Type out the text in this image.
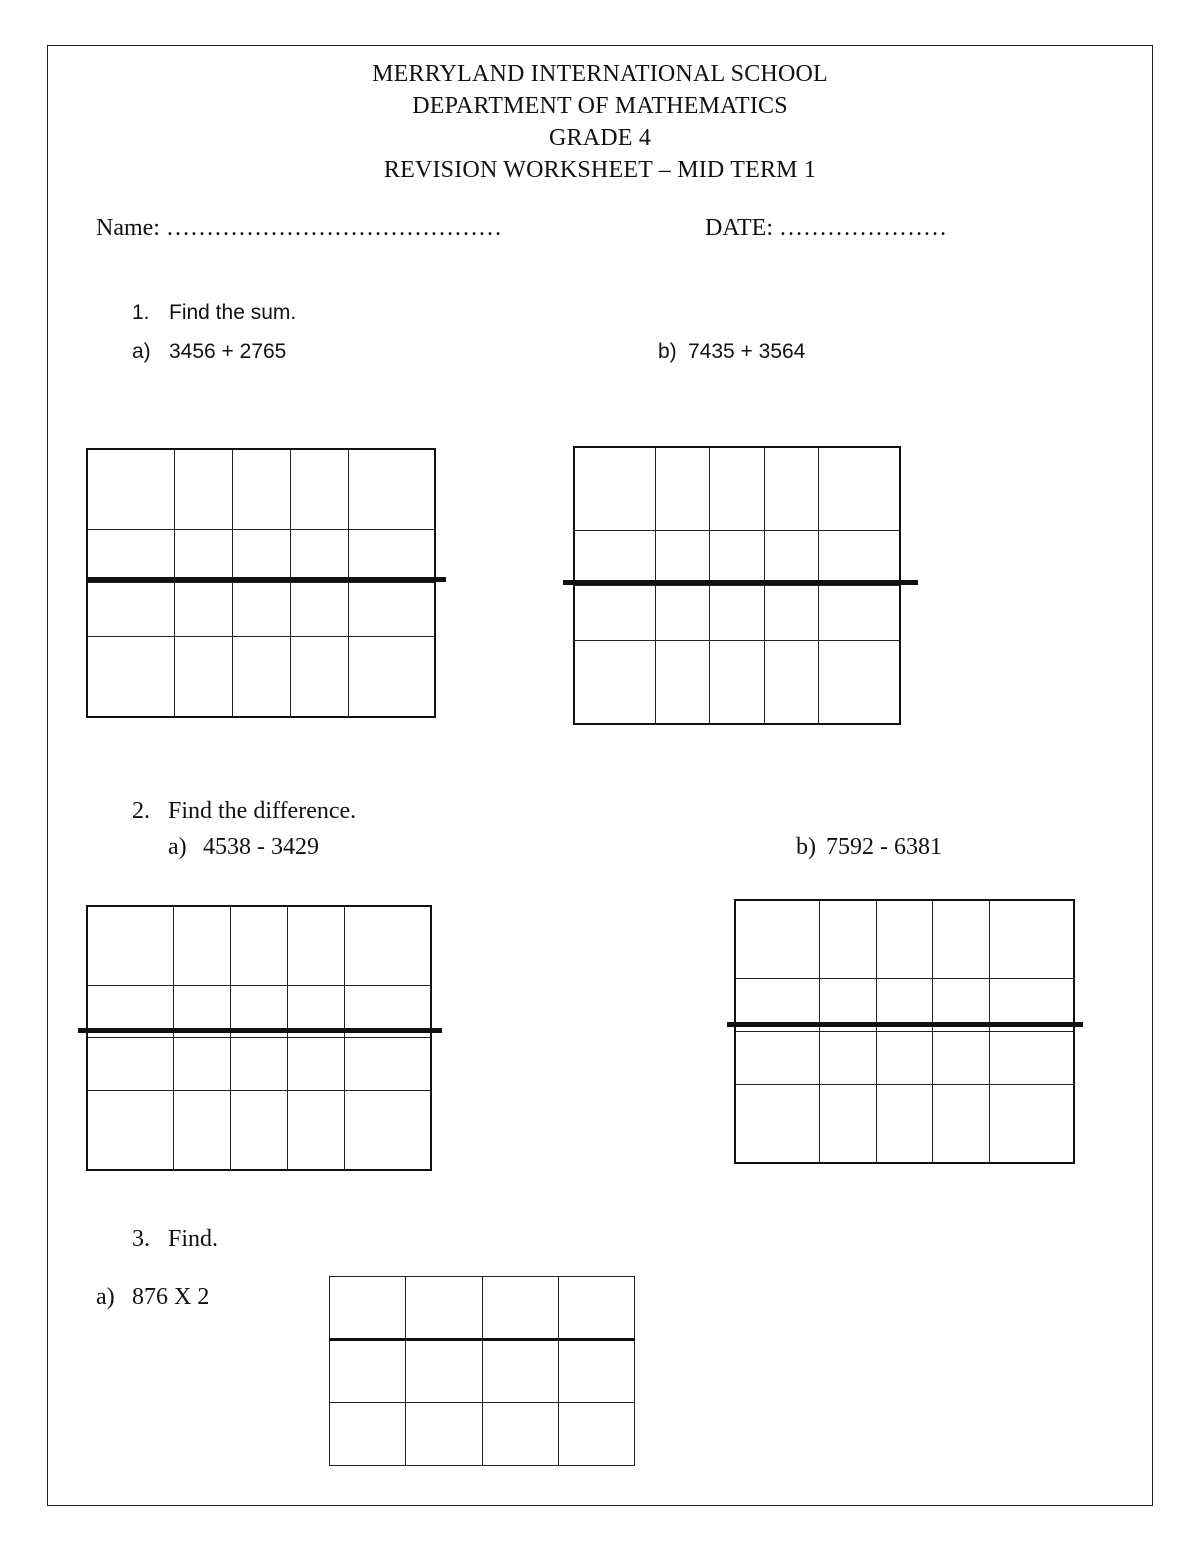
MERRYLAND INTERNATIONAL SCHOOL
DEPARTMENT OF MATHEMATICS
GRADE 4
REVISION WORKSHEET – MID TERM 1
Name: ……………………………………	DATE: …………………
1. Find the sum.
a) 3456 + 2765	b) 7435 + 3564

2. Find the difference.
a) 4538 - 3429	b) 7592 - 6381

3. Find.
a) 876 X 2
